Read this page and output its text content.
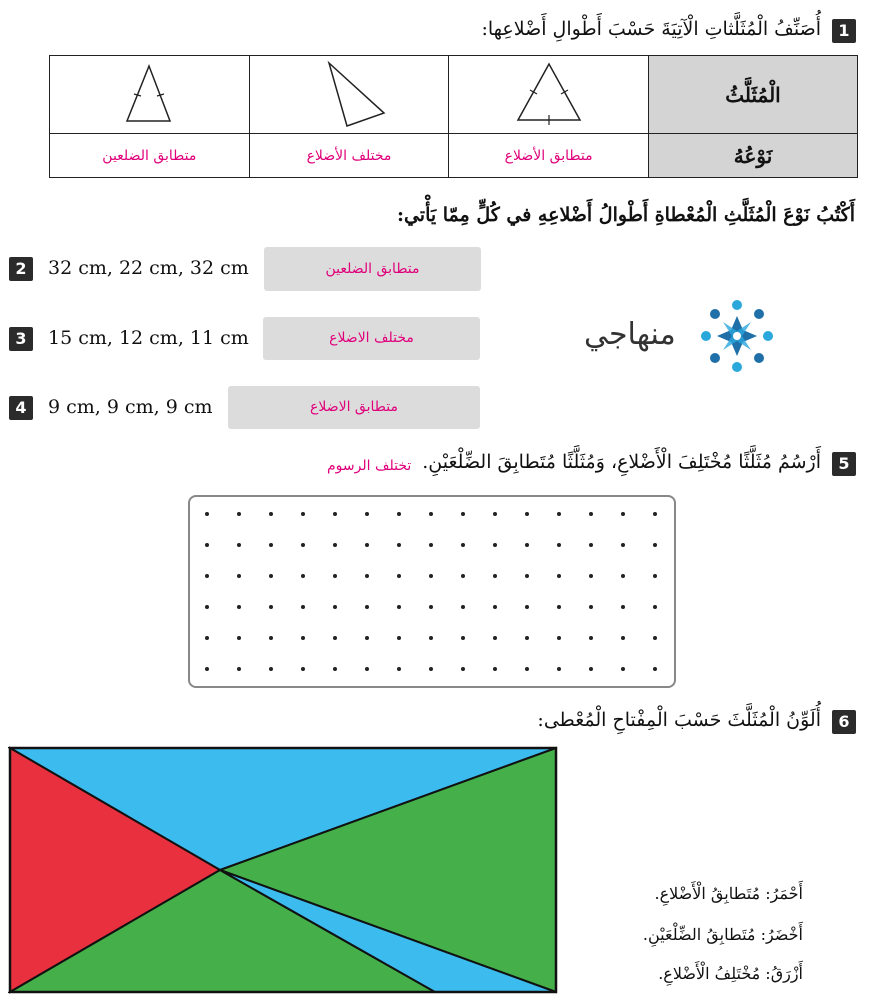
1
أُصَنِّفُ الْمُثَلَّثاتِ الْآتِيَةَ حَسْبَ أَطْوالِ أَضْلاعِها:
			الْمُثَلَّثُ
متطابق الضلعين	مختلف الأضلاع	متطابق الأضلاع	نَوْعُهُ
أَكْتُبُ نَوْعَ الْمُثَلَّثِ الْمُعْطاةِ أَطْوالُ أَضْلاعِهِ في كُلٍّ مِمّا يَأْتي:
2	32 cm, 22 cm, 32 cm	متطابق الضلعين
3	15 cm, 12 cm, 11 cm	مختلف الاضلاع
4	9 cm, 9 cm, 9 cm	متطابق الاضلاع
منهاجي
5
أَرْسُمُ مُثَلَّثًا مُخْتَلِفَ الْأَضْلاعِ، وَمُثَلَّثًا مُتَطابِقَ الضِّلْعَيْنِ.
تختلف الرسوم
6
أُلَوِّنُ الْمُثَلَّثَ حَسْبَ الْمِفْتاحِ الْمُعْطى:
أَحْمَرُ: مُتَطابِقُ الْأَضْلاعِ.
أَخْضَرُ: مُتَطابِقُ الضِّلْعَيْنِ.
أَزْرَقُ: مُخْتَلِفُ الْأَضْلاعِ.
